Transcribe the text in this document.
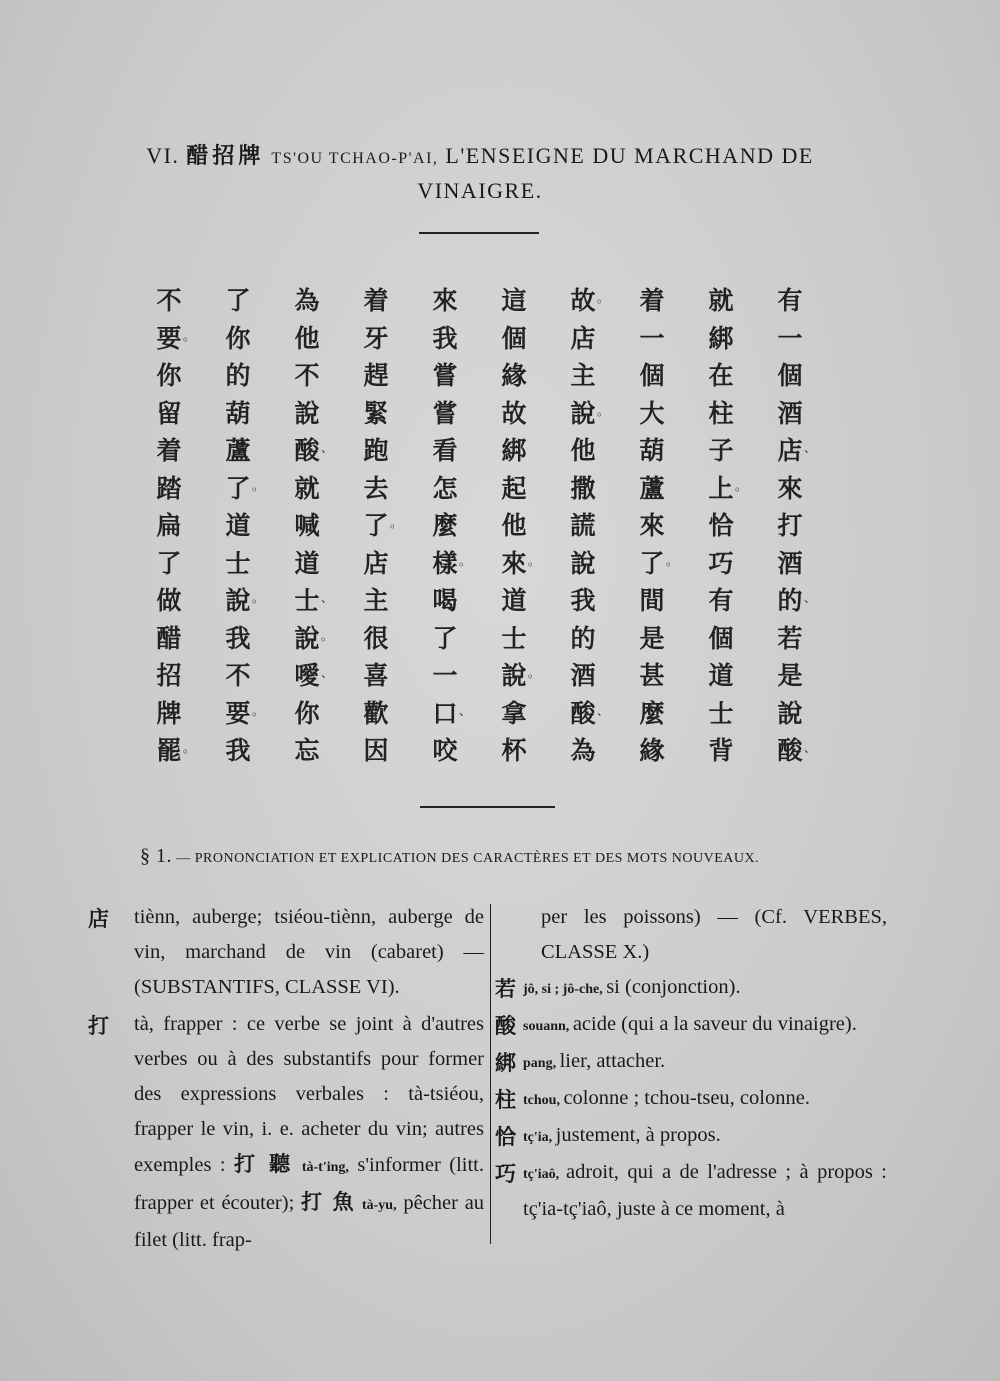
VI. 醋招牌 TS'OU TCHAO-P'AI, L'ENSEIGNE DU MARCHAND DE
VINAIGRE.
有
一
個
酒
店 、
來
打
酒
的 、
若
是
說
酸 、
就
綁
在
柱
子
上 。
恰
巧
有
個
道
士
背
着
一
個
大
葫
蘆
來
了 。
間
是
甚
麼
緣
故 。
店
主
說 。
他
撒
謊
說
我
的
酒
酸 、
為
這
個
緣
故
綁
起
他
來 。
道
士
說 。
拿
杯
來
我
嘗
嘗
看
怎
麼
樣 。
喝
了
一
口 、
咬
着
牙
趕
緊
跑
去
了 。
店
主
很
喜
歡
因
為
他
不
說
酸 、
就
喊
道
士 、
說 。
噯 、
你
忘
了
你
的
葫
蘆
了 。
道
士
說 。
我
不
要 。
我
不
要 。
你
留
着
踏
扁
了
做
醋
招
牌
罷 。
§ 1. — PRONONCIATION ET EXPLICATION DES CARACTÈRES ET DES MOTS NOUVEAUX.
店	tiènn, auberge; tsiéou-tiènn, auberge de vin, marchand de vin (cabaret) — (SUBSTANTIFS, CLASSE VI).
打	tà, frapper : ce verbe se joint à d'autres verbes ou à des substantifs pour former des expressions verbales : tà-tsiéou, frapper le vin, i. e. acheter du vin; autres exemples : 打 聽 tà-t'ing, s'informer (litt. frapper et écouter); 打 魚 tà-yu, pêcher au filet (litt. frap-
per les poissons) — (Cf. VERBES, CLASSE X.)
若 jô, si ; jô-che, si (conjonction).
酸 souann, acide (qui a la saveur du vinaigre).
綁 pang, lier, attacher.
柱 tchou, colonne ; tchou-tseu, colonne.
恰 tç'ia, justement, à propos.
巧 tç'iaô, adroit, qui a de l'adresse ; à propos : tç'ia-tç'iaô, juste à ce moment, à
